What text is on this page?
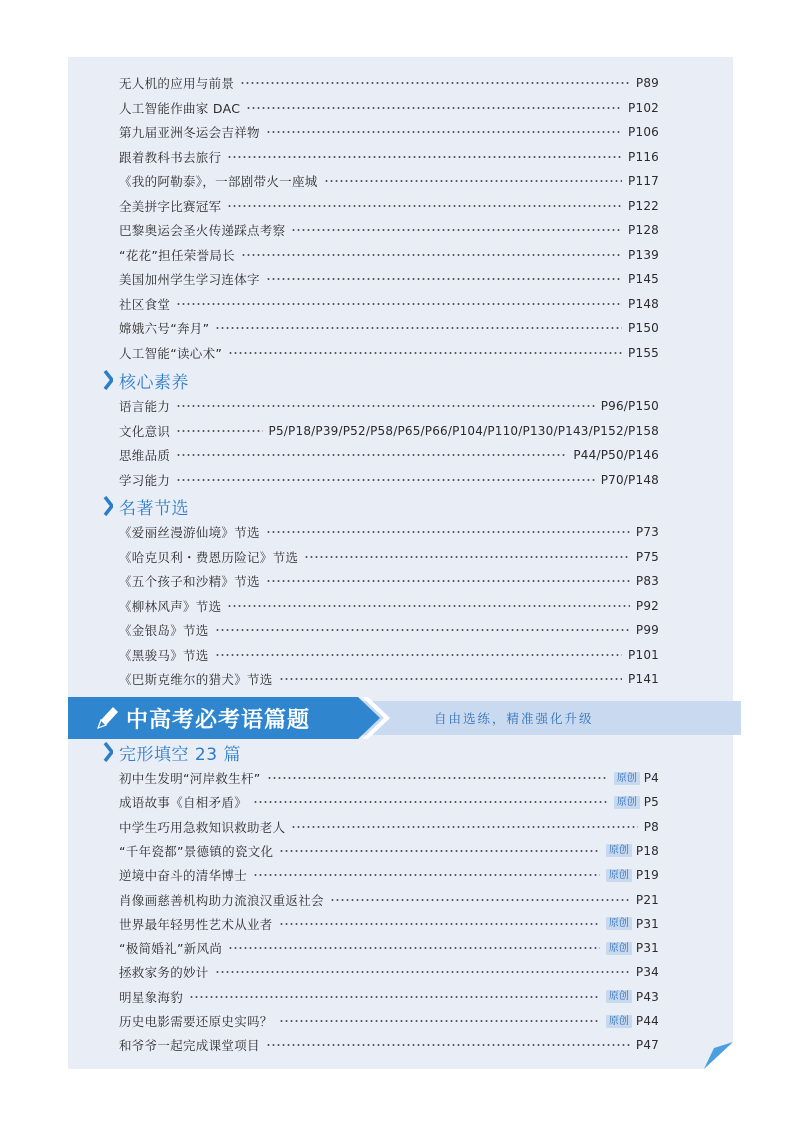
无人机的应用与前景	P89
人工智能作曲家 DAC	P102
第九届亚洲冬运会吉祥物	P106
跟着教科书去旅行	P116
《我的阿勒泰》，一部剧带火一座城	P117
全美拼字比赛冠军	P122
巴黎奥运会圣火传递踩点考察	P128
“花花”担任荣誉局长	P139
美国加州学生学习连体字	P145
社区食堂	P148
嫦娥六号“奔月”	P150
人工智能“读心术”	P155
核心素养
语言能力	P96/P150
文化意识	P5/P18/P39/P52/P58/P65/P66/P104/P110/P130/P143/P152/P158
思维品质	P44/P50/P146
学习能力	P70/P148
名著节选
《爱丽丝漫游仙境》节选	P73
《哈克贝利・费恩历险记》节选	P75
《五个孩子和沙精》节选	P83
《柳林风声》节选	P92
《金银岛》节选	P99
《黑骏马》节选	P101
《巴斯克维尔的猎犬》节选	P141
中高考必考语篇题	自由选练，精准强化升级
完形填空 23 篇
初中生发明“河岸救生杆”	原创 P4
成语故事《自相矛盾》	原创 P5
中学生巧用急救知识救助老人	P8
“千年瓷都”景德镇的瓷文化	原创 P18
逆境中奋斗的清华博士	原创 P19
肖像画慈善机构助力流浪汉重返社会	P21
世界最年轻男性艺术从业者	原创 P31
“极简婚礼”新风尚	原创 P31
拯救家务的妙计	P34
明星象海豹	原创 P43
历史电影需要还原史实吗？	原创 P44
和爷爷一起完成课堂项目	P47
